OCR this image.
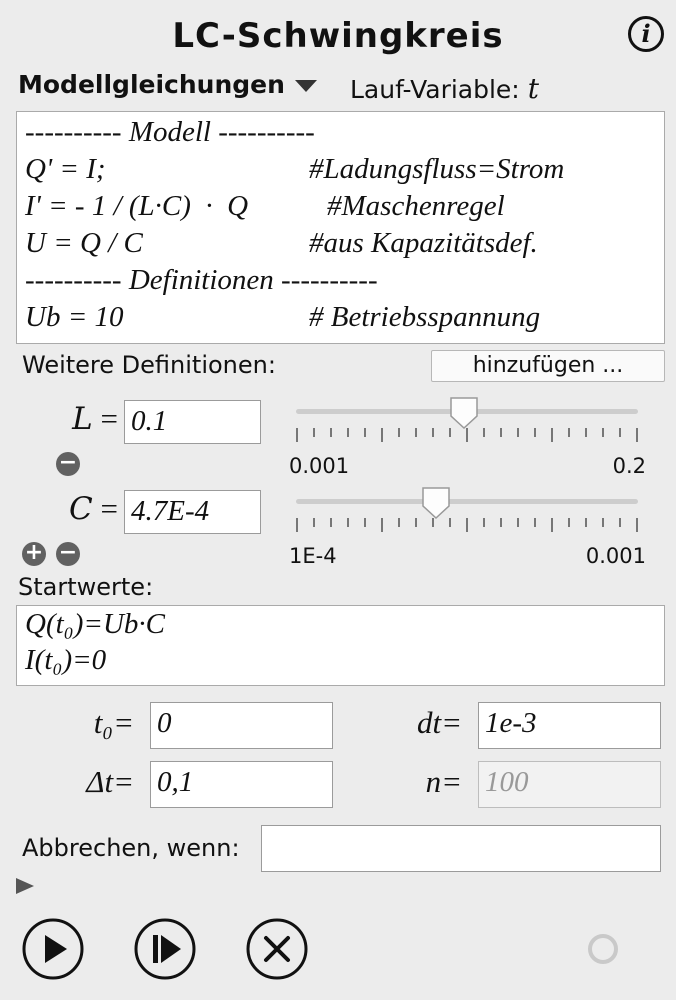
LC-Schwingkreis	i
Modellgleichungen	Lauf-Variable: t
---------- Modell ----------
Q' = I;	#Ladungsfluss=Strom
I' = - 1 / (L·C)  ·  Q	#Maschenregel
U = Q / C	#aus Kapazitätsdef.
---------- Definitionen ----------
Ub = 10	# Betriebsspannung
Weitere Definitionen:	hinzufügen ...
L = 0.1
−	0.001	0.2
C = 4.7E-4
+ −	1E-4	0.001
Startwerte:
Q(t₀)=Ub·C
I(t₀)=0
t₀= 0	dt= 1e-3
Δt= 0,1	n= 100
Abbrechen, wenn:
